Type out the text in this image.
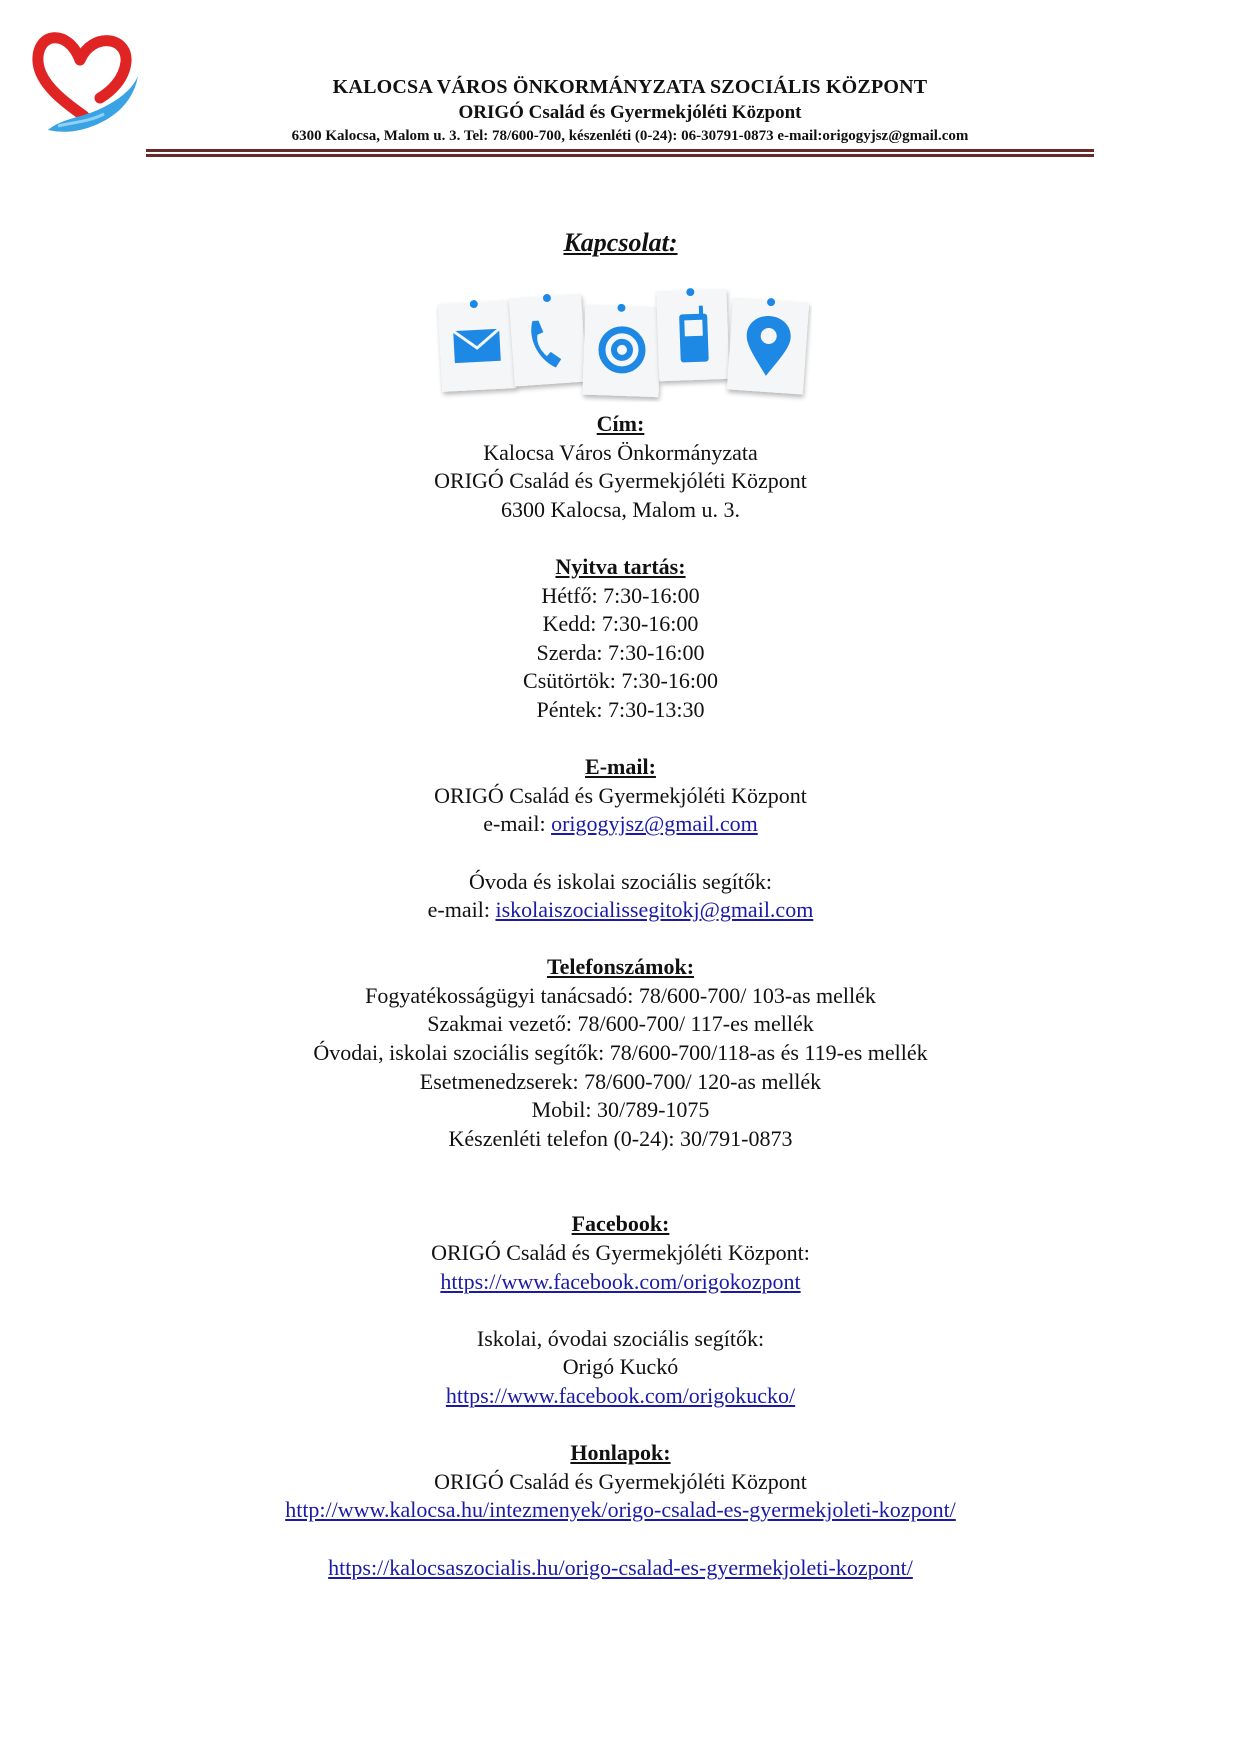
KALOCSA VÁROS ÖNKORMÁNYZATA SZOCIÁLIS KÖZPONT
ORIGÓ Család és Gyermekjóléti Központ
6300 Kalocsa, Malom u. 3. Tel: 78/600-700, készenléti (0-24): 06-30791-0873 e-mail:origogyjsz@gmail.com
Kapcsolat:

Cím:

Kalocsa Város Önkormányzata

ORIGÓ Család és Gyermekjóléti Központ

6300 Kalocsa, Malom u. 3.

Nyitva tartás:

Hétfő: 7:30-16:00

Kedd: 7:30-16:00

Szerda: 7:30-16:00

Csütörtök: 7:30-16:00

Péntek: 7:30-13:30

E-mail:

ORIGÓ Család és Gyermekjóléti Központ

e-mail: origogyjsz@gmail.com

Óvoda és iskolai szociális segítők:

e-mail: iskolaiszocialissegitokj@gmail.com

Telefonszámok:

Fogyatékosságügyi tanácsadó: 78/600-700/ 103-as mellék

Szakmai vezető: 78/600-700/ 117-es mellék

Óvodai, iskolai szociális segítők: 78/600-700/118-as és 119-es mellék

Esetmenedzserek: 78/600-700/ 120-as mellék

Mobil: 30/789-1075

Készenléti telefon (0-24): 30/791-0873

Facebook:

ORIGÓ Család és Gyermekjóléti Központ:

https://www.facebook.com/origokozpont

Iskolai, óvodai szociális segítők:

Origó Kuckó

https://www.facebook.com/origokucko/

Honlapok:

ORIGÓ Család és Gyermekjóléti Központ

http://www.kalocsa.hu/intezmenyek/origo-csalad-es-gyermekjoleti-kozpont/

https://kalocsaszocialis.hu/origo-csalad-es-gyermekjoleti-kozpont/
